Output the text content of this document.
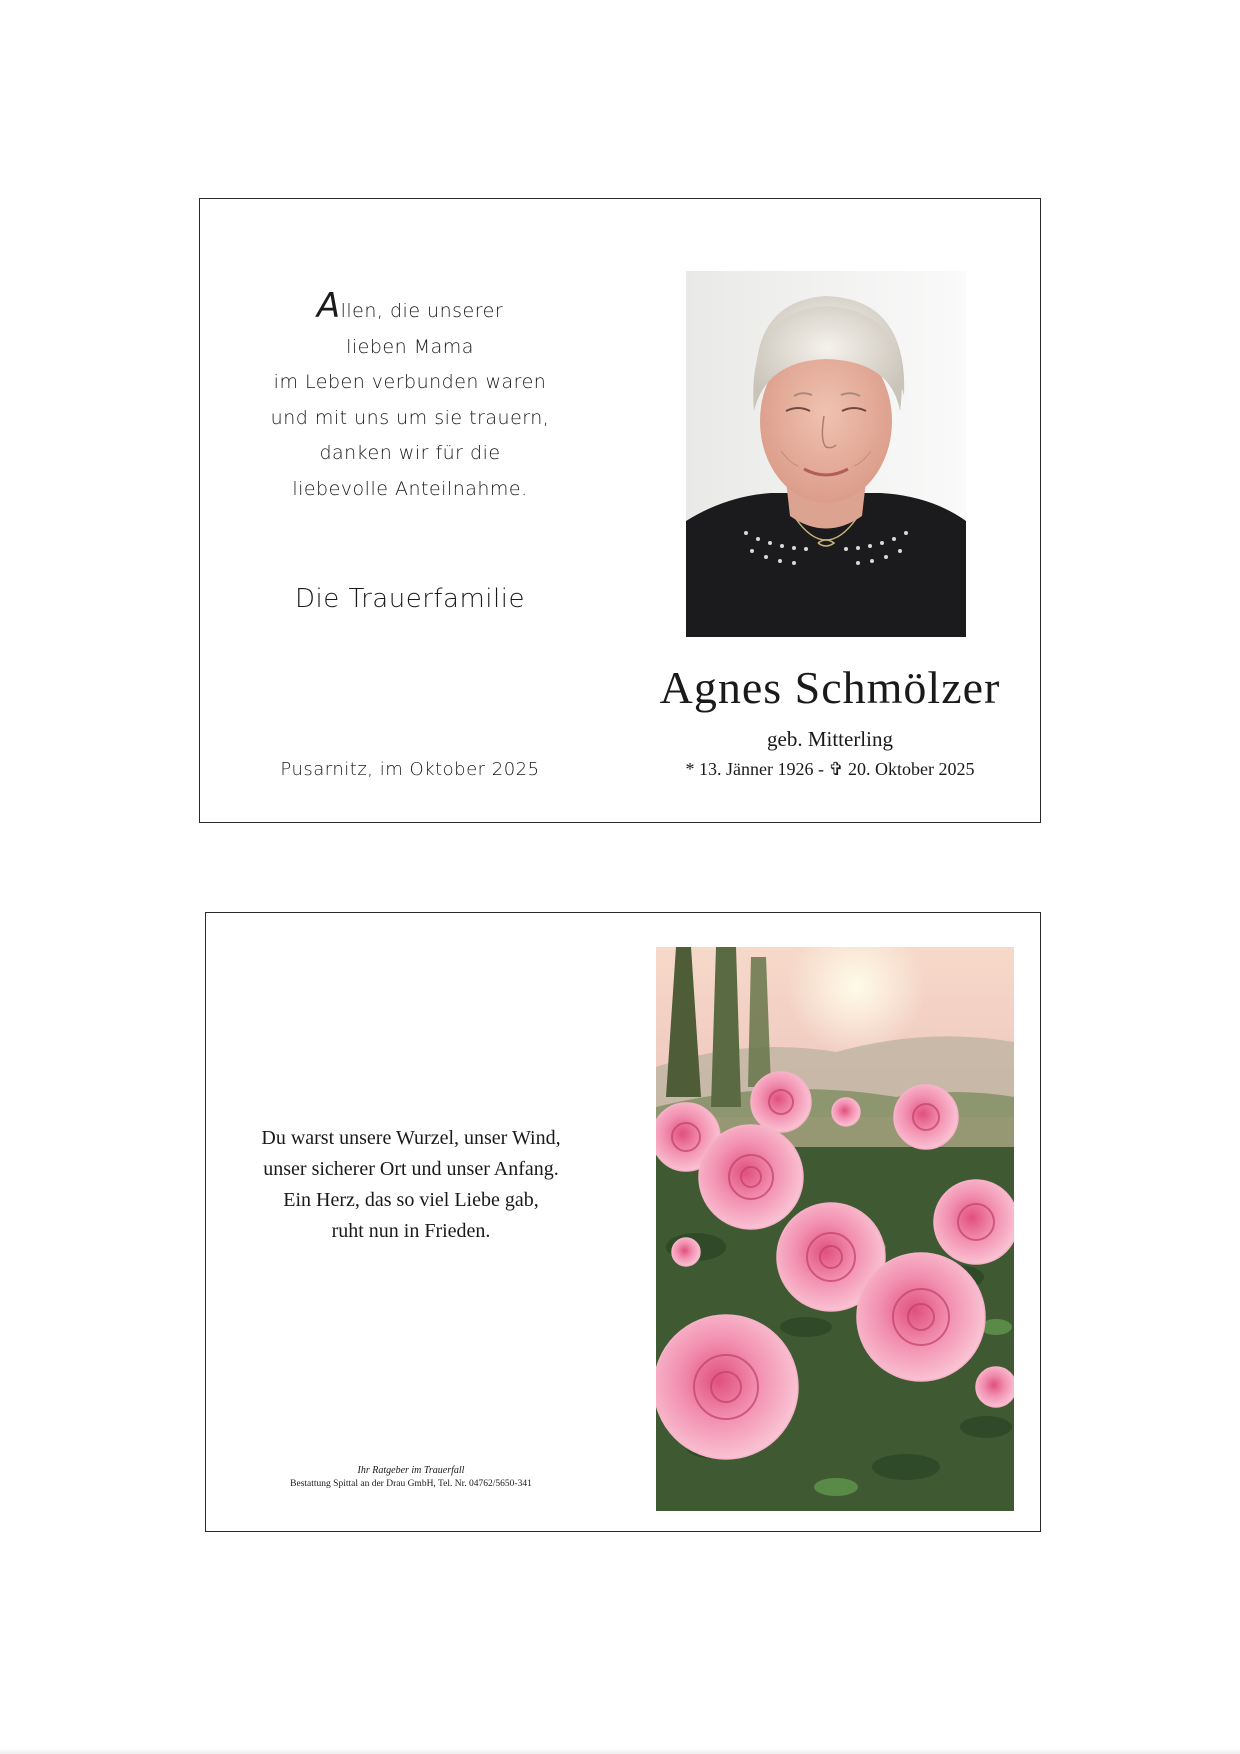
Allen, die unserer
lieben Mama
im Leben verbunden waren
und mit uns um sie trauern,
danken wir für die
liebevolle Anteilnahme.
Die Trauerfamilie
Pusarnitz, im Oktober 2025
Agnes Schmölzer
geb. Mitterling
* 13. Jänner 1926 - ✞ 20. Oktober 2025
Du warst unsere Wurzel, unser Wind,
unser sicherer Ort und unser Anfang.
Ein Herz, das so viel Liebe gab,
ruht nun in Frieden.
Ihr Ratgeber im Trauerfall
Bestattung Spittal an der Drau GmbH, Tel. Nr. 04762/5650-341
